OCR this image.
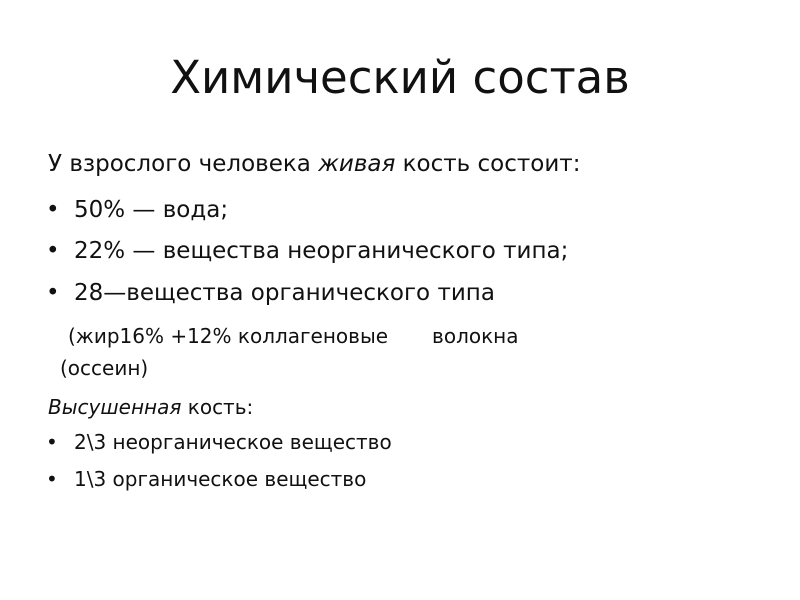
Химический состав
У взрослого человека живая кость состоит:
• 50% — вода;
• 22% — вещества неорганического типа;
• 28—вещества органического типа
(жир16% +12% коллагеновые волокна
(оссеин)
Высушенная кость:
• 2\3 неорганическое вещество
• 1\3 органическое вещество
